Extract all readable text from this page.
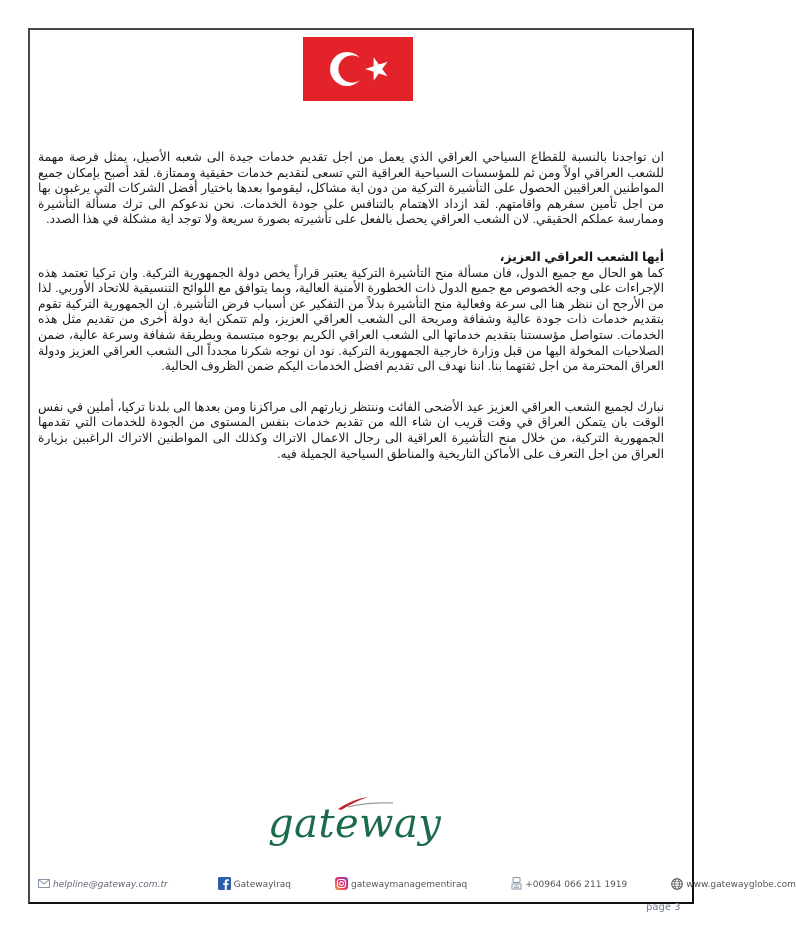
ان تواجدنا بالنسبة للقطاع السياحي العراقي الذي يعمل من اجل تقديم خدمات جيدة الى شعبه الأصيل، يمثل فرصة مهمة للشعب العراقي اولاً ومن ثم للمؤسسات السياحية العراقية التي تسعى لتقديم خدمات حقيقية وممتازة. لقد أصبح بإمكان جميع المواطنين العراقيين الحصول على التأشيرة التركية من دون اية مشاكل، ليقوموا بعدها باختيار أفضل الشركات التي يرغبون بها من اجل تأمين سفرهم واقامتهم. لقد ازداد الاهتمام بالتنافس على جودة الخدمات. نحن ندعوكم الى ترك مسألة التأشيرة وممارسة عملكم الحقيقي. لان الشعب العراقي يحصل بالفعل على تأشيرته بصورة سريعة ولا توجد اية مشكلة في هذا الصدد.

أيها الشعب العراقي العزيز،

كما هو الحال مع جميع الدول، فان مسألة منح التأشيرة التركية يعتبر قراراً يخص دولة الجمهورية التركية. وان تركيا تعتمد هذه الإجراءات على وجه الخصوص مع جميع الدول ذات الخطورة الأمنية العالية، وبما يتوافق مع اللوائح التنسيقية للاتحاد الأوربي. لذا من الأرجح ان ننظر هنا الى سرعة وفعالية منح التأشيرة بدلاً من التفكير عن أسباب فرض التأشيرة. ان الجمهورية التركية تقوم بتقديم خدمات ذات جودة عالية وشفافة ومريحة الى الشعب العراقي العزيز، ولم تتمكن اية دولة أخرى من تقديم مثل هذه الخدمات. ستواصل مؤسستنا بتقديم خدماتها الى الشعب العراقي الكريم بوجوه مبتسمة وبطريقة شفافة وسرعة عالية، ضمن الصلاحيات المخولة اليها من قبل وزارة خارجية الجمهورية التركية. نود ان نوجه شكرنا مجدداً الى الشعب العراقي العزيز ودولة العراق المحترمة من اجل ثقتهما بنا. اننا نهدف الى تقديم افضل الخدمات اليكم ضمن الظروف الحالية.

نبارك لجميع الشعب العراقي العزيز عيد الأضحى الفائت وننتظر زيارتهم الى مراكزنا ومن بعدها الى بلدنا تركيا، أملين في نفس الوقت بان يتمكن العراق في وقت قريب ان شاء الله من تقديم خدمات بنفس المستوى من الجودة للخدمات التي تقدمها الجمهورية التركية، من خلال منح التأشيرة العراقية الى رجال الاعمال الاتراك وكذلك الى المواطنين الاتراك الراغبين بزيارة العراق من اجل التعرف على الأماكن التاريخية والمناطق السياحية الجميلة فيه.

gateway
helpline@gateway.com.tr	GatewayIraq	gatewaymanagementiraq	+00964 066 211 1919	www.gatewayglobe.com
page 3
